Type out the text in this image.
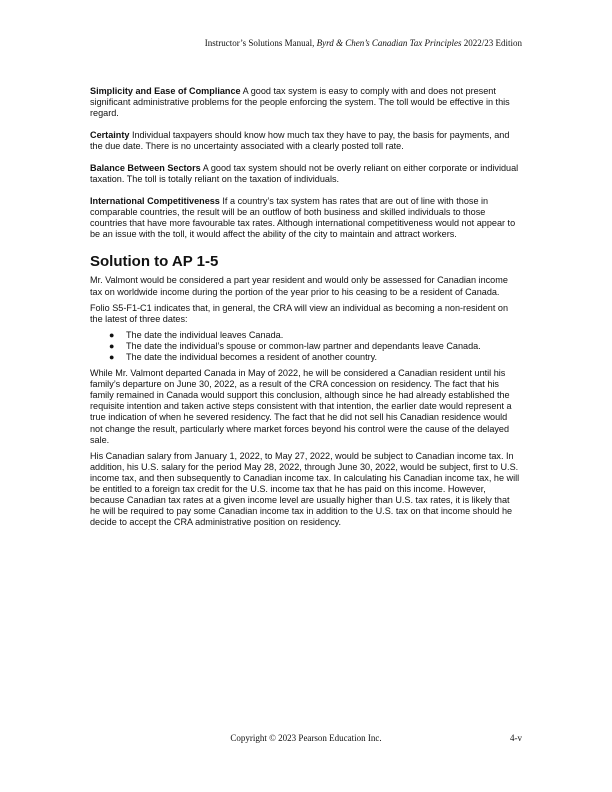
Instructor’s Solutions Manual, Byrd & Chen’s Canadian Tax Principles 2022/23 Edition

Simplicity and Ease of Compliance A good tax system is easy to comply with and does not present significant administrative problems for the people enforcing the system. The toll would be effective in this regard.

Certainty Individual taxpayers should know how much tax they have to pay, the basis for payments, and the due date. There is no uncertainty associated with a clearly posted toll rate.

Balance Between Sectors A good tax system should not be overly reliant on either corporate or individual taxation. The toll is totally reliant on the taxation of individuals.

International Competitiveness If a country’s tax system has rates that are out of line with those in comparable countries, the result will be an outflow of both business and skilled individuals to those countries that have more favourable tax rates. Although international competitiveness would not appear to be an issue with the toll, it would affect the ability of the city to maintain and attract workers.

Solution to AP 1-5

Mr. Valmont would be considered a part year resident and would only be assessed for Canadian income tax on worldwide income during the portion of the year prior to his ceasing to be a resident of Canada.

Folio S5-F1-C1 indicates that, in general, the CRA will view an individual as becoming a non-resident on the latest of three dates:

● The date the individual leaves Canada.
● The date the individual’s spouse or common-law partner and dependants leave Canada.
● The date the individual becomes a resident of another country.

While Mr. Valmont departed Canada in May of 2022, he will be considered a Canadian resident until his family’s departure on June 30, 2022, as a result of the CRA concession on residency. The fact that his family remained in Canada would support this conclusion, although since he had already established the requisite intention and taken active steps consistent with that intention, the earlier date would represent a true indication of when he severed residency. The fact that he did not sell his Canadian residence would not change the result, particularly where market forces beyond his control were the cause of the delayed sale.

His Canadian salary from January 1, 2022, to May 27, 2022, would be subject to Canadian income tax. In addition, his U.S. salary for the period May 28, 2022, through June 30, 2022, would be subject, first to U.S. income tax, and then subsequently to Canadian income tax. In calculating his Canadian income tax, he will be entitled to a foreign tax credit for the U.S. income tax that he has paid on this income. However, because Canadian tax rates at a given income level are usually higher than U.S. tax rates, it is likely that he will be required to pay some Canadian income tax in addition to the U.S. tax on that income should he decide to accept the CRA administrative position on residency.

Copyright © 2023 Pearson Education Inc.	4-v
